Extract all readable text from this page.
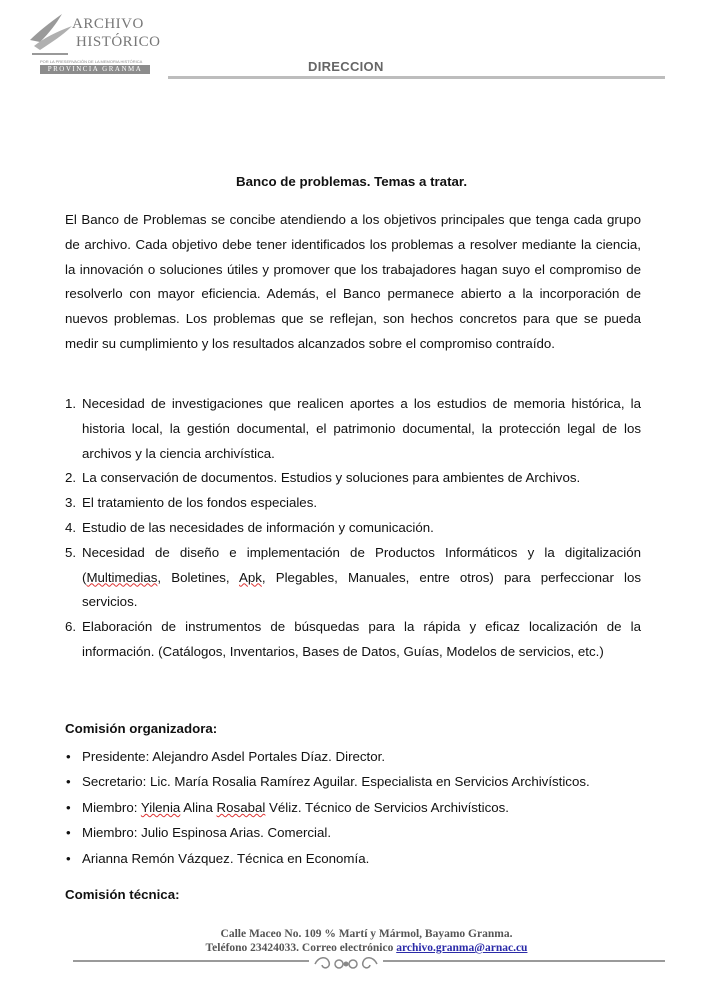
ARCHIVO
HISTÓRICO
POR LA PRESERVACIÓN DE LA MEMORIA HISTÓRICA
PROVINCIA GRANMA	DIRECCION
Banco de problemas. Temas a tratar.

El Banco de Problemas se concibe atendiendo a los objetivos principales que tenga cada grupo de archivo. Cada objetivo debe tener identificados los problemas a resolver mediante la ciencia, la innovación o soluciones útiles y promover que los trabajadores hagan suyo el compromiso de resolverlo con mayor eficiencia. Además, el Banco permanece abierto a la incorporación de nuevos problemas. Los problemas que se reflejan, son hechos concretos para que se pueda medir su cumplimiento y los resultados alcanzados sobre el compromiso contraído.

1. Necesidad de investigaciones que realicen aportes a los estudios de memoria histórica, la historia local, la gestión documental, el patrimonio documental, la protección legal de los archivos y la ciencia archivística.
2. La conservación de documentos. Estudios y soluciones para ambientes de Archivos.
3. El tratamiento de los fondos especiales.
4. Estudio de las necesidades de información y comunicación.
5. Necesidad de diseño e implementación de Productos Informáticos y la digitalización (Multimedias, Boletines, Apk, Plegables, Manuales, entre otros) para perfeccionar los servicios.
6. Elaboración de instrumentos de búsquedas para la rápida y eficaz localización de la información. (Catálogos, Inventarios, Bases de Datos, Guías, Modelos de servicios, etc.)
Comisión organizadora:
• Presidente: Alejandro Asdel Portales Díaz. Director.
• Secretario: Lic. María Rosalia Ramírez Aguilar. Especialista en Servicios Archivísticos.
• Miembro: Yilenia Alina Rosabal Véliz. Técnico de Servicios Archivísticos.
• Miembro: Julio Espinosa Arias. Comercial.
• Arianna Remón Vázquez. Técnica en Economía.
Comisión técnica:
Calle Maceo No. 109 % Martí y Mármol, Bayamo Granma.
Teléfono 23424033. Correo electrónico archivo.granma@arnac.cu
